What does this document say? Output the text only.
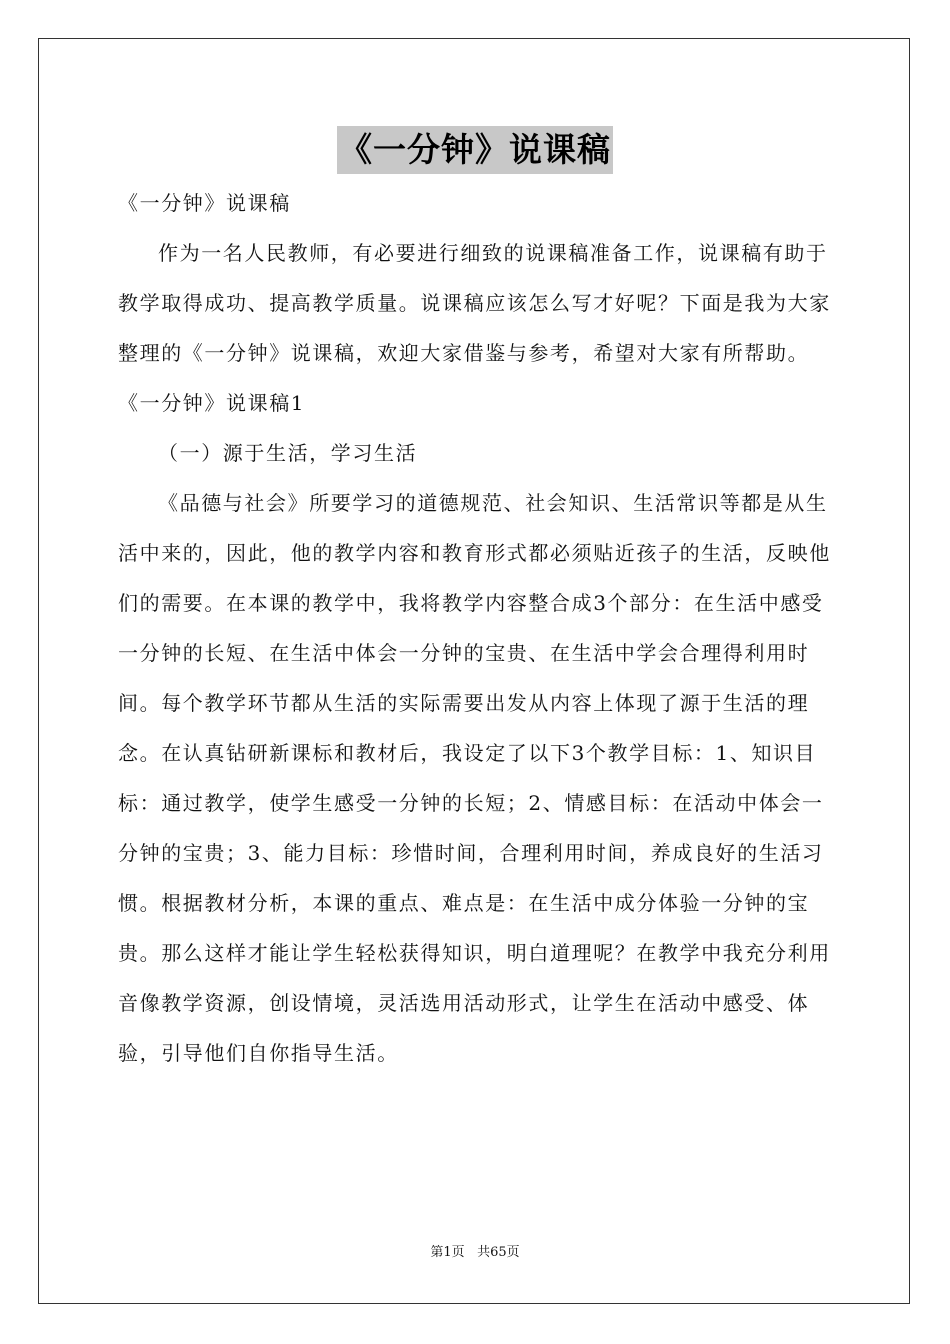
《一分钟》说课稿

《一分钟》说课稿

作为一名人民教师，有必要进行细致的说课稿准备工作，说课稿有助于教学取得成功、提高教学质量。说课稿应该怎么写才好呢？下面是我为大家整理的《一分钟》说课稿，欢迎大家借鉴与参考，希望对大家有所帮助。

《一分钟》说课稿1

（一）源于生活，学习生活

《品德与社会》所要学习的道德规范、社会知识、生活常识等都是从生活中来的，因此，他的教学内容和教育形式都必须贴近孩子的生活，反映他们的需要。在本课的教学中，我将教学内容整合成3个部分：在生活中感受一分钟的长短、在生活中体会一分钟的宝贵、在生活中学会合理得利用时间。每个教学环节都从生活的实际需要出发从内容上体现了源于生活的理念。在认真钻研新课标和教材后，我设定了以下3个教学目标：1、知识目标：通过教学，使学生感受一分钟的长短；2、情感目标：在活动中体会一分钟的宝贵；3、能力目标：珍惜时间，合理利用时间，养成良好的生活习惯。根据教材分析，本课的重点、难点是：在生活中成分体验一分钟的宝贵。那么这样才能让学生轻松获得知识，明白道理呢？在教学中我充分利用音像教学资源，创设情境，灵活选用活动形式，让学生在活动中感受、体验，引导他们自你指导生活。

第1页 共65页
